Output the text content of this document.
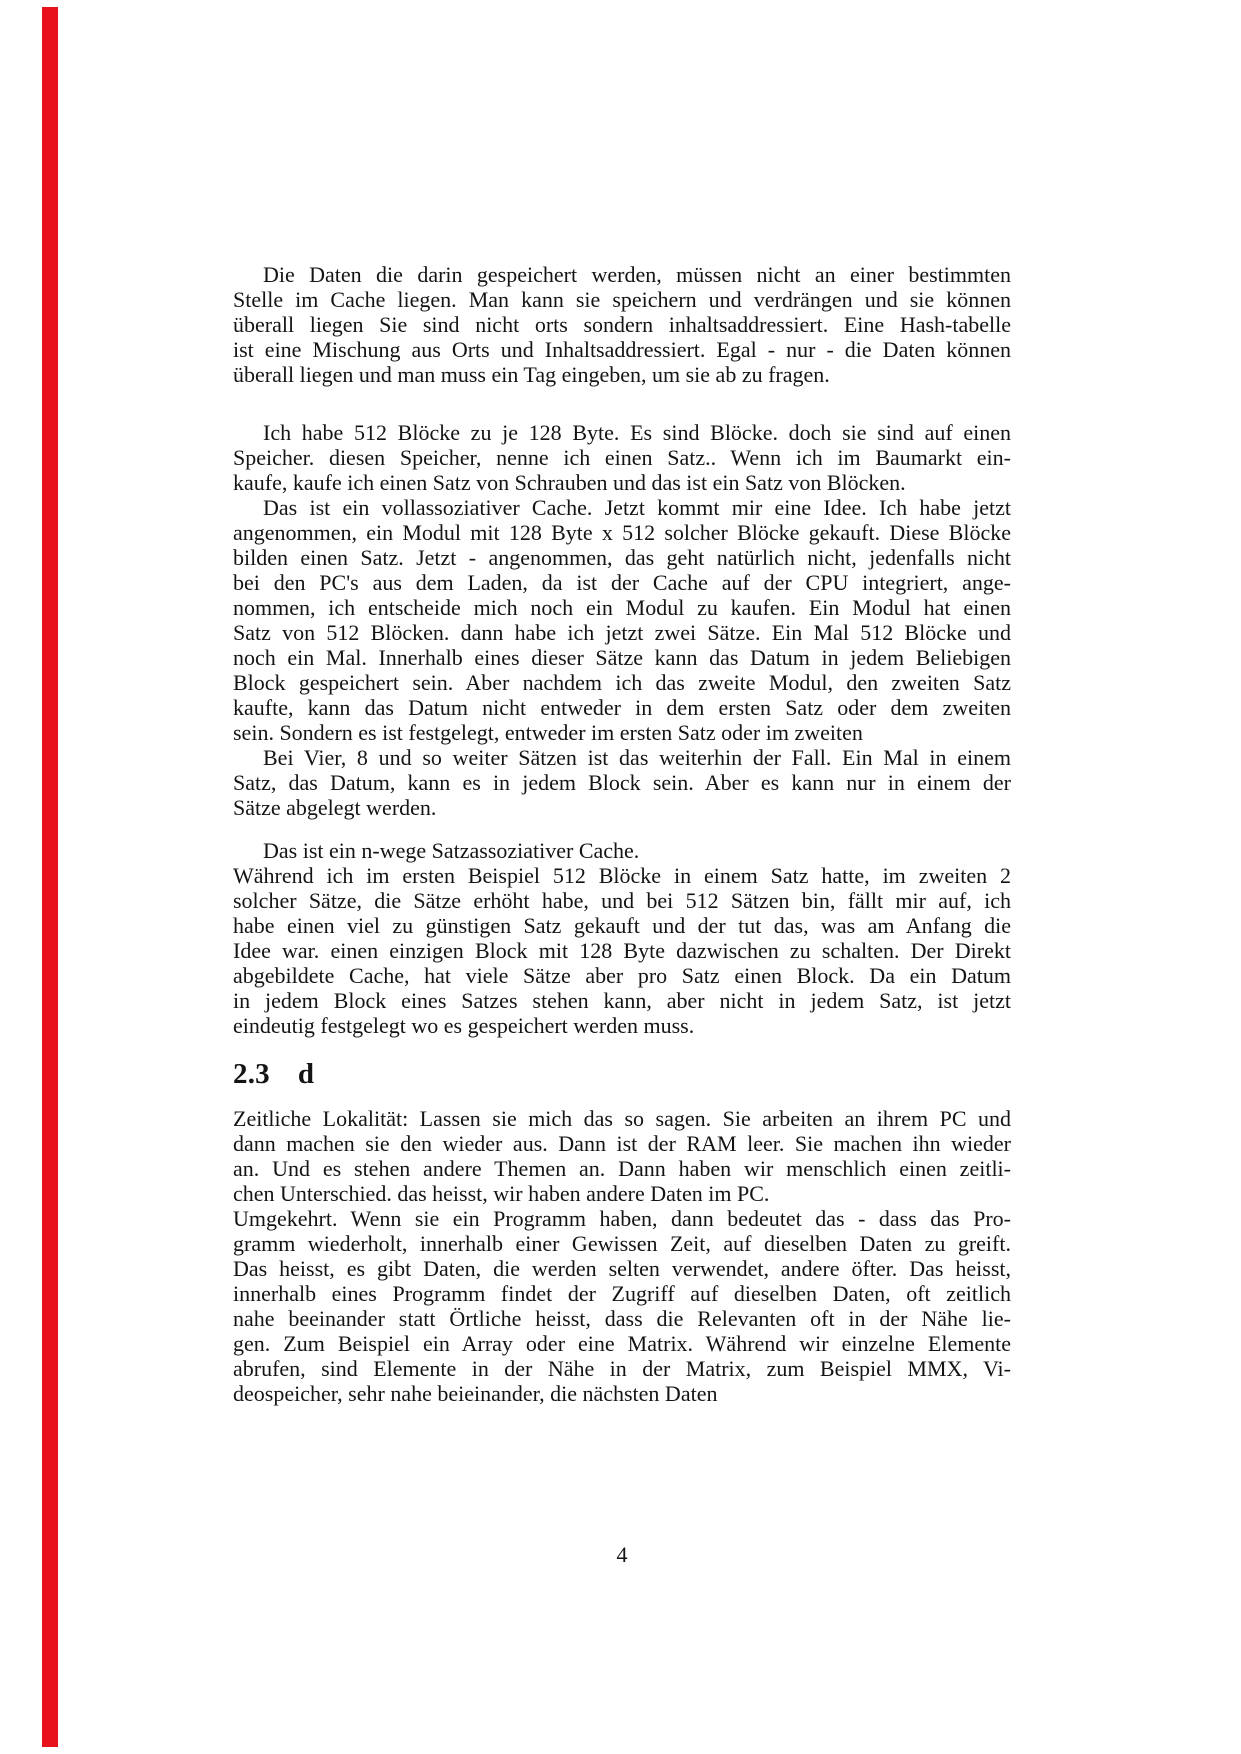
Die Daten die darin gespeichert werden, müssen nicht an einer bestimmten
Stelle im Cache liegen. Man kann sie speichern und verdrängen und sie können
überall liegen Sie sind nicht orts sondern inhaltsaddressiert. Eine Hash-tabelle
ist eine Mischung aus Orts und Inhaltsaddressiert. Egal - nur - die Daten können
überall liegen und man muss ein Tag eingeben, um sie ab zu fragen.
Ich habe 512 Blöcke zu je 128 Byte. Es sind Blöcke. doch sie sind auf einen
Speicher. diesen Speicher, nenne ich einen Satz.. Wenn ich im Baumarkt ein-
kaufe, kaufe ich einen Satz von Schrauben und das ist ein Satz von Blöcken.
Das ist ein vollassoziativer Cache. Jetzt kommt mir eine Idee. Ich habe jetzt
angenommen, ein Modul mit 128 Byte x 512 solcher Blöcke gekauft. Diese Blöcke
bilden einen Satz. Jetzt - angenommen, das geht natürlich nicht, jedenfalls nicht
bei den PC's aus dem Laden, da ist der Cache auf der CPU integriert, ange-
nommen, ich entscheide mich noch ein Modul zu kaufen. Ein Modul hat einen
Satz von 512 Blöcken. dann habe ich jetzt zwei Sätze. Ein Mal 512 Blöcke und
noch ein Mal. Innerhalb eines dieser Sätze kann das Datum in jedem Beliebigen
Block gespeichert sein. Aber nachdem ich das zweite Modul, den zweiten Satz
kaufte, kann das Datum nicht entweder in dem ersten Satz oder dem zweiten
sein. Sondern es ist festgelegt, entweder im ersten Satz oder im zweiten
Bei Vier, 8 und so weiter Sätzen ist das weiterhin der Fall. Ein Mal in einem
Satz, das Datum, kann es in jedem Block sein. Aber es kann nur in einem der
Sätze abgelegt werden.
Das ist ein n-wege Satzassoziativer Cache.
Während ich im ersten Beispiel 512 Blöcke in einem Satz hatte, im zweiten 2
solcher Sätze, die Sätze erhöht habe, und bei 512 Sätzen bin, fällt mir auf, ich
habe einen viel zu günstigen Satz gekauft und der tut das, was am Anfang die
Idee war. einen einzigen Block mit 128 Byte dazwischen zu schalten. Der Direkt
abgebildete Cache, hat viele Sätze aber pro Satz einen Block. Da ein Datum
in jedem Block eines Satzes stehen kann, aber nicht in jedem Satz, ist jetzt
eindeutig festgelegt wo es gespeichert werden muss.
2.3 d
Zeitliche Lokalität: Lassen sie mich das so sagen. Sie arbeiten an ihrem PC und
dann machen sie den wieder aus. Dann ist der RAM leer. Sie machen ihn wieder
an. Und es stehen andere Themen an. Dann haben wir menschlich einen zeitli-
chen Unterschied. das heisst, wir haben andere Daten im PC.
Umgekehrt. Wenn sie ein Programm haben, dann bedeutet das - dass das Pro-
gramm wiederholt, innerhalb einer Gewissen Zeit, auf dieselben Daten zu greift.
Das heisst, es gibt Daten, die werden selten verwendet, andere öfter. Das heisst,
innerhalb eines Programm findet der Zugriff auf dieselben Daten, oft zeitlich
nahe beeinander statt Örtliche heisst, dass die Relevanten oft in der Nähe lie-
gen. Zum Beispiel ein Array oder eine Matrix. Während wir einzelne Elemente
abrufen, sind Elemente in der Nähe in der Matrix, zum Beispiel MMX, Vi-
deospeicher, sehr nahe beieinander, die nächsten Daten
4
